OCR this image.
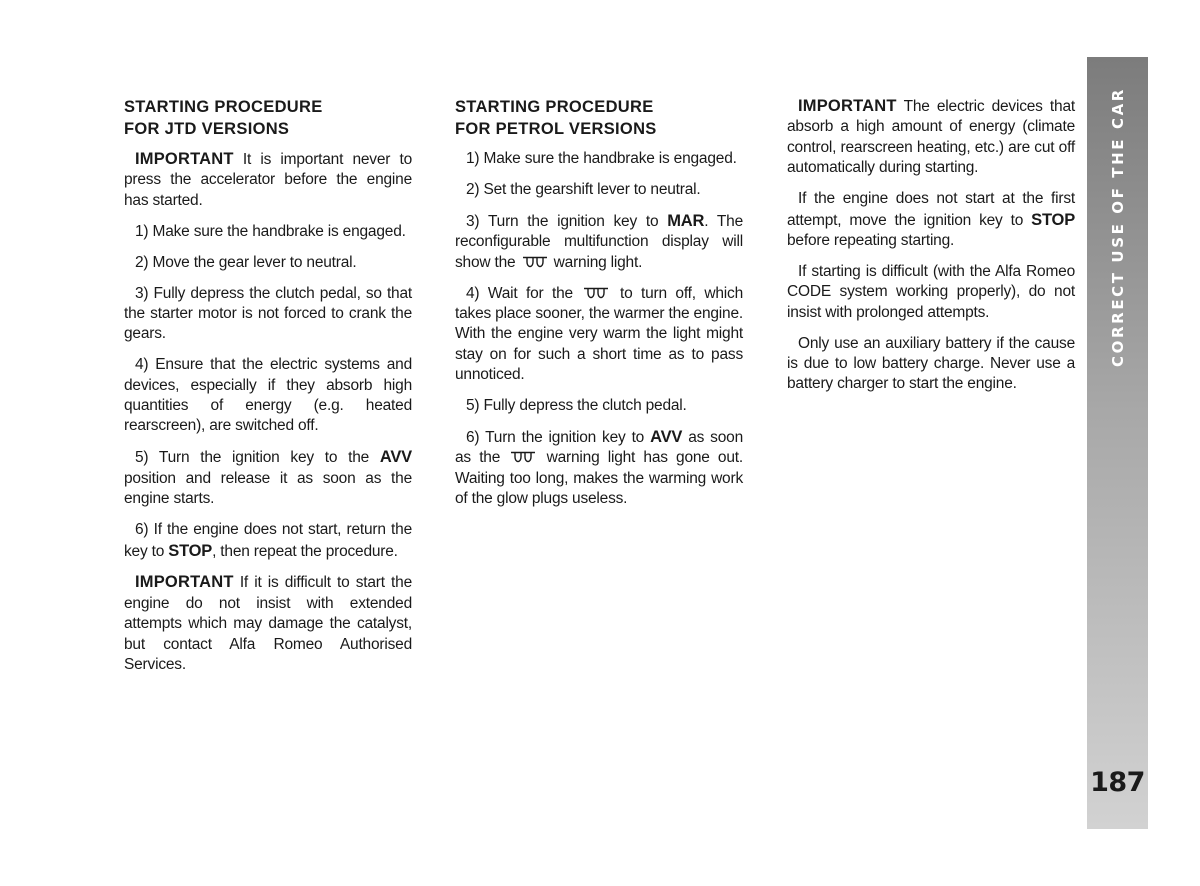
STARTING PROCEDURE
FOR JTD VERSIONS

IMPORTANT It is important never to press the accelerator before the engine has started.

1) Make sure the handbrake is engaged.

2) Move the gear lever to neutral.

3) Fully depress the clutch pedal, so that the starter motor is not forced to crank the gears.

4) Ensure that the electric systems and devices, especially if they absorb high quantities of energy (e.g. heated rearscreen), are switched off.

5) Turn the ignition key to the AVV position and release it as soon as the engine starts.

6) If the engine does not start, return the key to STOP, then repeat the procedure.

IMPORTANT If it is difficult to start the engine do not insist with extended attempts which may damage the catalyst, but contact Alfa Romeo Authorised Services.

STARTING PROCEDURE
FOR PETROL VERSIONS

1) Make sure the handbrake is engaged.

2) Set the gearshift lever to neutral.

3) Turn the ignition key to MAR. The reconfigurable multifunction display will show the  warning light.

4) Wait for the  to turn off, which takes place sooner, the warmer the engine. With the engine very warm the light might stay on for such a short time as to pass unnoticed.

5) Fully depress the clutch pedal.

6) Turn the ignition key to AVV as soon as the  warning light has gone out. Waiting too long, makes the warming work of the glow plugs useless.

IMPORTANT The electric devices that absorb a high amount of energy (climate control, rearscreen heating, etc.) are cut off automatically during starting.

If the engine does not start at the first attempt, move the ignition key to STOP before repeating starting.

If starting is difficult (with the Alfa Romeo CODE system working properly), do not insist with prolonged attempts.

Only use an auxiliary battery if the cause is due to low battery charge. Never use a battery charger to start the engine.

CORRECT USE OF THE CAR
187
